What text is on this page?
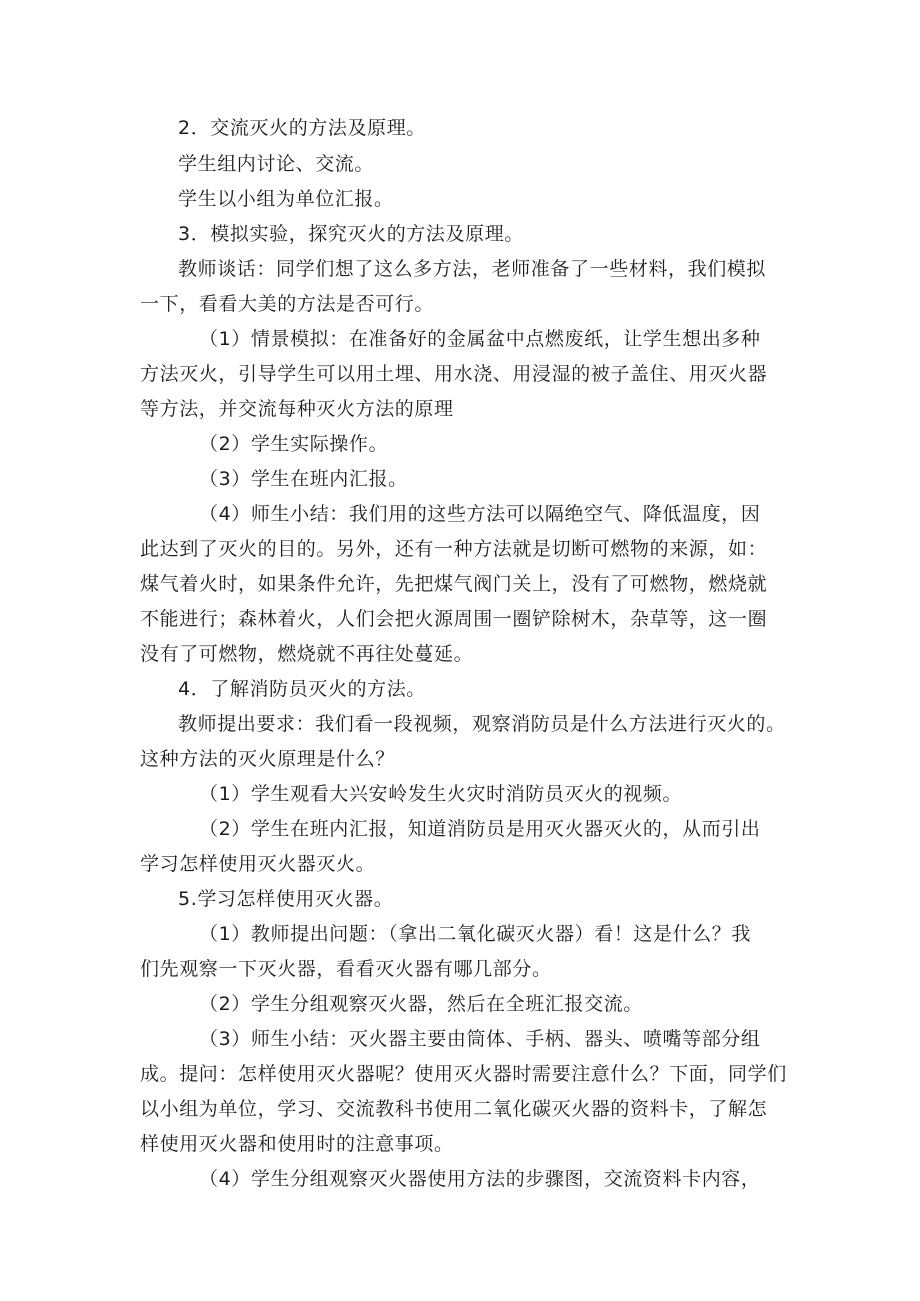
2．交流灭火的方法及原理。
学生组内讨论、交流。
学生以小组为单位汇报。
3．模拟实验，探究灭火的方法及原理。
教师谈话：同学们想了这么多方法，老师准备了一些材料，我们模拟
一下，看看大美的方法是否可行。
（1）情景模拟：在准备好的金属盆中点燃废纸，让学生想出多种
方法灭火，引导学生可以用土埋、用水浇、用浸湿的被子盖住、用灭火器
等方法，并交流每种灭火方法的原理
（2）学生实际操作。
（3）学生在班内汇报。
（4）师生小结：我们用的这些方法可以隔绝空气、降低温度，因
此达到了灭火的目的。另外，还有一种方法就是切断可燃物的来源，如：
煤气着火时，如果条件允许，先把煤气阀门关上，没有了可燃物，燃烧就
不能进行；森林着火，人们会把火源周围一圈铲除树木，杂草等，这一圈
没有了可燃物，燃烧就不再往处蔓延。
4．了解消防员灭火的方法。
教师提出要求：我们看一段视频，观察消防员是什么方法进行灭火的。
这种方法的灭火原理是什么？
（1）学生观看大兴安岭发生火灾时消防员灭火的视频。
（2）学生在班内汇报，知道消防员是用灭火器灭火的，从而引出
学习怎样使用灭火器灭火。
5.学习怎样使用灭火器。
（1）教师提出问题：（拿出二氧化碳灭火器）看！这是什么？我
们先观察一下灭火器，看看灭火器有哪几部分。
（2）学生分组观察灭火器，然后在全班汇报交流。
（3）师生小结：灭火器主要由筒体、手柄、器头、喷嘴等部分组
成。提问：怎样使用灭火器呢？使用灭火器时需要注意什么？下面，同学们
以小组为单位，学习、交流教科书使用二氧化碳灭火器的资料卡，了解怎
样使用灭火器和使用时的注意事项。
（4）学生分组观察灭火器使用方法的步骤图，交流资料卡内容，
